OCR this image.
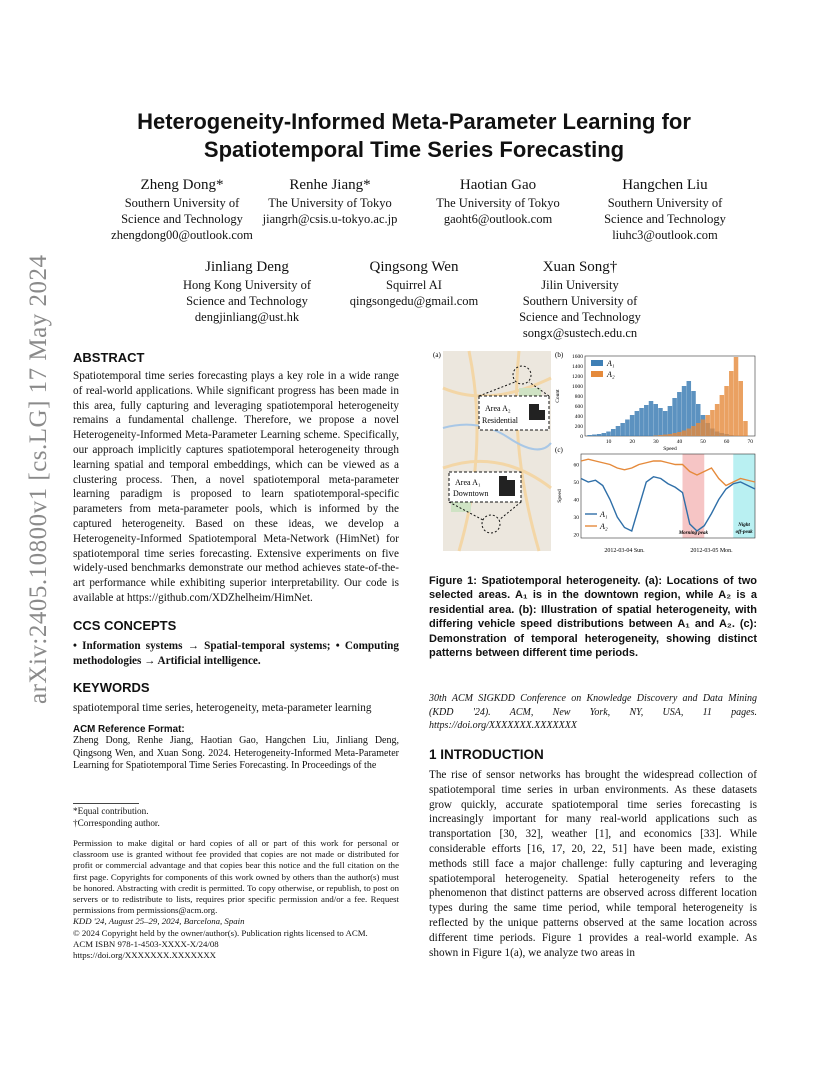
Heterogeneity-Informed Meta-Parameter Learning for
Spatiotemporal Time Series Forecasting
arXiv:2405.10800v1 [cs.LG] 17 May 2024
Zheng Dong*
Southern University of
Science and Technology
zhengdong00@outlook.com
Renhe Jiang*
The University of Tokyo
jiangrh@csis.u-tokyo.ac.jp
Haotian Gao
The University of Tokyo
gaoht6@outlook.com
Hangchen Liu
Southern University of
Science and Technology
liuhc3@outlook.com
Jinliang Deng
Hong Kong University of
Science and Technology
dengjinliang@ust.hk
Qingsong Wen
Squirrel AI
qingsongedu@gmail.com
Xuan Song†
Jilin University
Southern University of
Science and Technology
songx@sustech.edu.cn
ABSTRACT
Spatiotemporal time series forecasting plays a key role in a wide range of real-world applications. While significant progress has been made in this area, fully capturing and leveraging spatiotemporal heterogeneity remains a fundamental challenge. Therefore, we propose a novel Heterogeneity-Informed Meta-Parameter Learning scheme. Specifically, our approach implicitly captures spatiotemporal heterogeneity through learning spatial and temporal embeddings, which can be viewed as a clustering process. Then, a novel spatiotemporal meta-parameter learning paradigm is proposed to learn spatiotemporal-specific parameters from meta-parameter pools, which is informed by the captured heterogeneity. Based on these ideas, we develop a Heterogeneity-Informed Spatiotemporal Meta-Network (HimNet) for spatiotemporal time series forecasting. Extensive experiments on five widely-used benchmarks demonstrate our method achieves state-of-the-art performance while exhibiting superior interpretability. Our code is available at https://github.com/XDZhelheim/HimNet.
CCS CONCEPTS
• Information systems → Spatial-temporal systems; • Computing methodologies → Artificial intelligence.
KEYWORDS
spatiotemporal time series, heterogeneity, meta-parameter learning
ACM Reference Format:
Zheng Dong, Renhe Jiang, Haotian Gao, Hangchen Liu, Jinliang Deng, Qingsong Wen, and Xuan Song. 2024. Heterogeneity-Informed Meta-Parameter Learning for Spatiotemporal Time Series Forecasting. In Proceedings of the
*Equal contribution.
†Corresponding author.
Permission to make digital or hard copies of all or part of this work for personal or classroom use is granted without fee provided that copies are not made or distributed for profit or commercial advantage and that copies bear this notice and the full citation on the first page. Copyrights for components of this work owned by others than the author(s) must be honored. Abstracting with credit is permitted. To copy otherwise, or republish, to post on servers or to redistribute to lists, requires prior specific permission and/or a fee. Request permissions from permissions@acm.org.
KDD '24, August 25–29, 2024, Barcelona, Spain
© 2024 Copyright held by the owner/author(s). Publication rights licensed to ACM.
ACM ISBN 978-1-4503-XXXX-X/24/08
https://doi.org/XXXXXXX.XXXXXXX
(a)
Area A₂
Residential
Area A₁
Downtown
(b)
(c)
0
200
400
600
800
1000
1200
1400
1600
10	20	30	40	50	60	70
Speed
Count
A₁
A₂
20
30
40
50
60
Speed
2012-03-04 Sun.	2012-03-05 Mon.
Morning peak
Night
off-peak
A₁
A₂
Figure 1: Spatiotemporal heterogeneity. (a): Locations of two selected areas. A₁ is in the downtown region, while A₂ is a residential area. (b): Illustration of spatial heterogeneity, with differing vehicle speed distributions between A₁ and A₂. (c): Demonstration of temporal heterogeneity, showing distinct patterns between different time periods.
30th ACM SIGKDD Conference on Knowledge Discovery and Data Mining (KDD '24). ACM, New York, NY, USA, 11 pages. https://doi.org/XXXXXXX.XXXXXXX
1 INTRODUCTION
The rise of sensor networks has brought the widespread collection of spatiotemporal time series in urban environments. As these datasets grow quickly, accurate spatiotemporal time series forecasting is increasingly important for many real-world applications such as transportation [30, 32], weather [1], and economics [33]. While considerable efforts [16, 17, 20, 22, 51] have been made, existing methods still face a major challenge: fully capturing and leveraging spatiotemporal heterogeneity. Spatial heterogeneity refers to the phenomenon that distinct patterns are observed across different location types during the same time period, while temporal heterogeneity is reflected by the unique patterns observed at the same location across different time periods. Figure 1 provides a real-world example. As shown in Figure 1(a), we analyze two areas in
